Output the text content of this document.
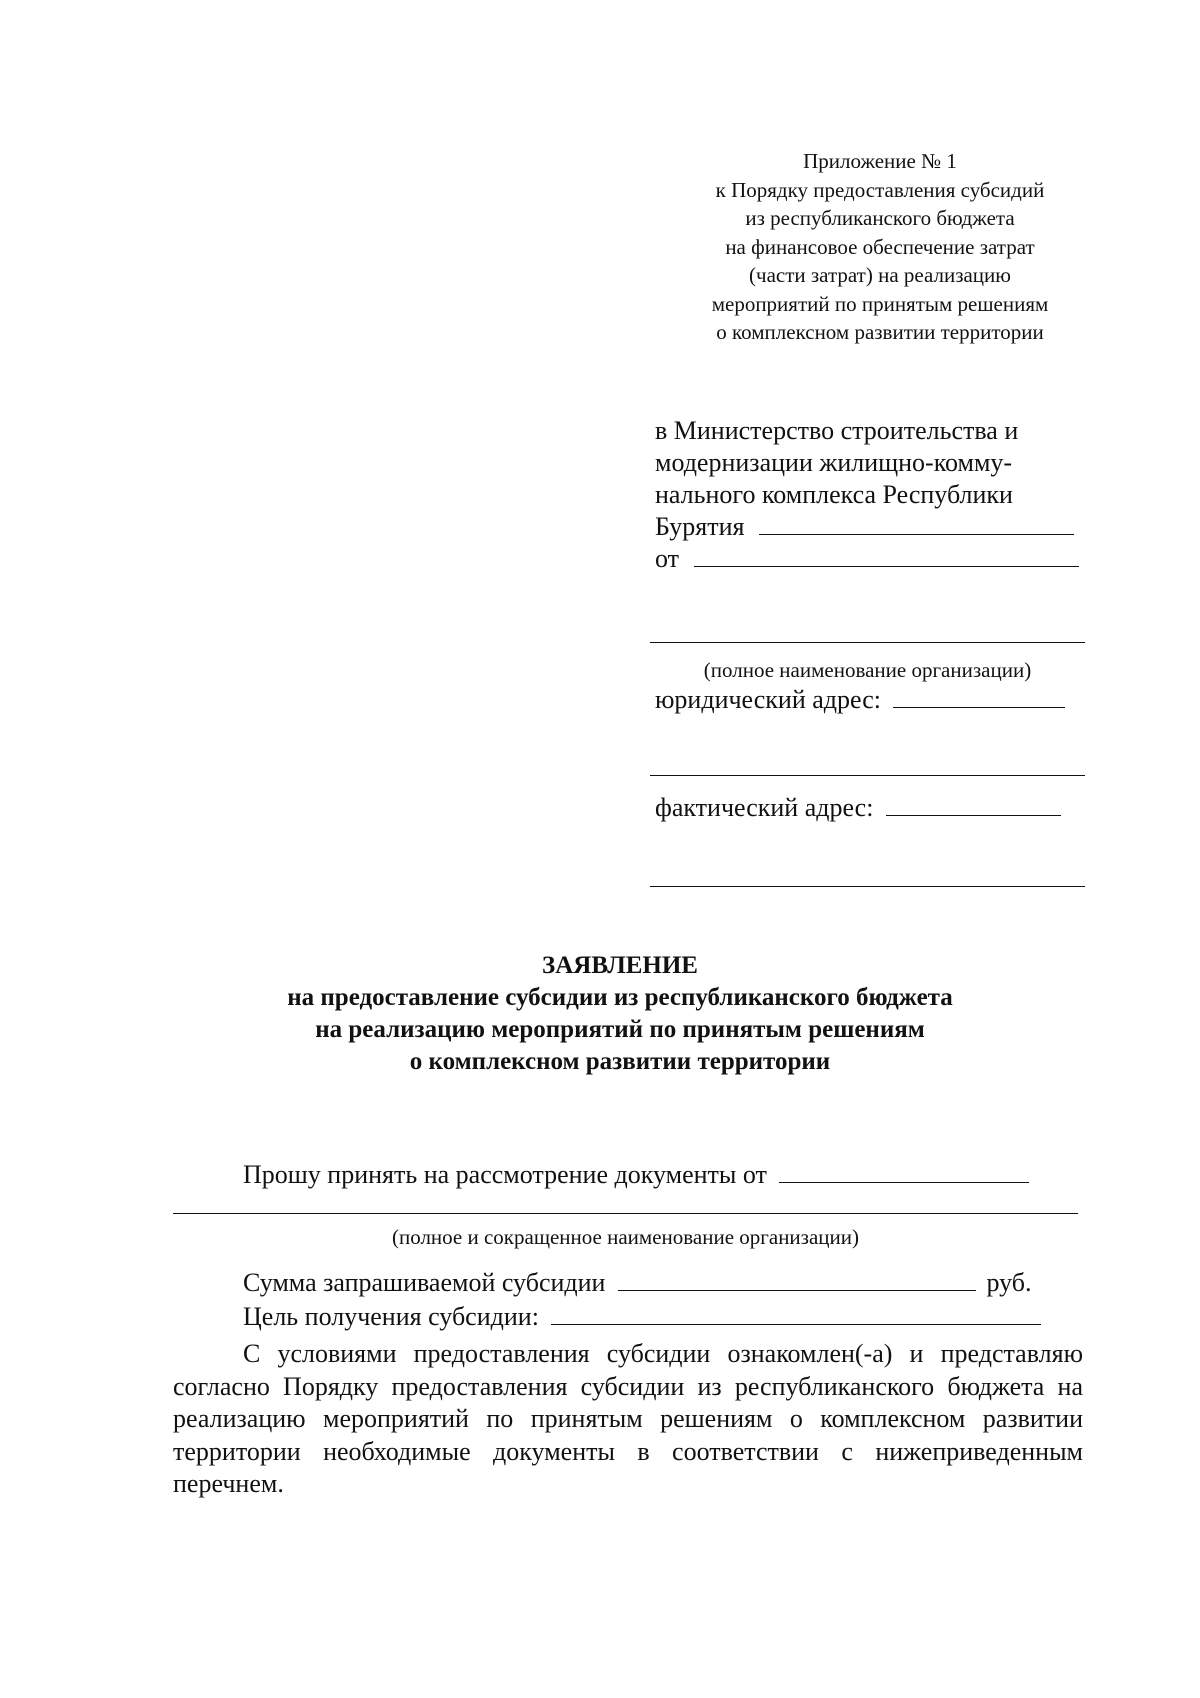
Приложение № 1
к Порядку предоставления субсидий
из республиканского бюджета
на финансовое обеспечение затрат
(части затрат) на реализацию
мероприятий по принятым решениям
о комплексном развитии территории
в Министерство строительства и
модернизации жилищно-комму-
нального комплекса Республики
Бурятия
от
(полное наименование организации)
юридический адрес:
фактический адрес:
ЗАЯВЛЕНИЕ
на предоставление субсидии из республиканского бюджета
на реализацию мероприятий по принятым решениям
о комплексном развитии территории
Прошу принять на рассмотрение документы от
(полное и сокращенное наименование организации)
Сумма запрашиваемой субсидии	руб.
Цель получения субсидии:
С условиями предоставления субсидии ознакомлен(-а) и представляю согласно Порядку предоставления субсидии из республиканского бюджета на реализацию мероприятий по принятым решениям о комплексном развитии территории необходимые документы в соответствии с нижеприведенным перечнем.
